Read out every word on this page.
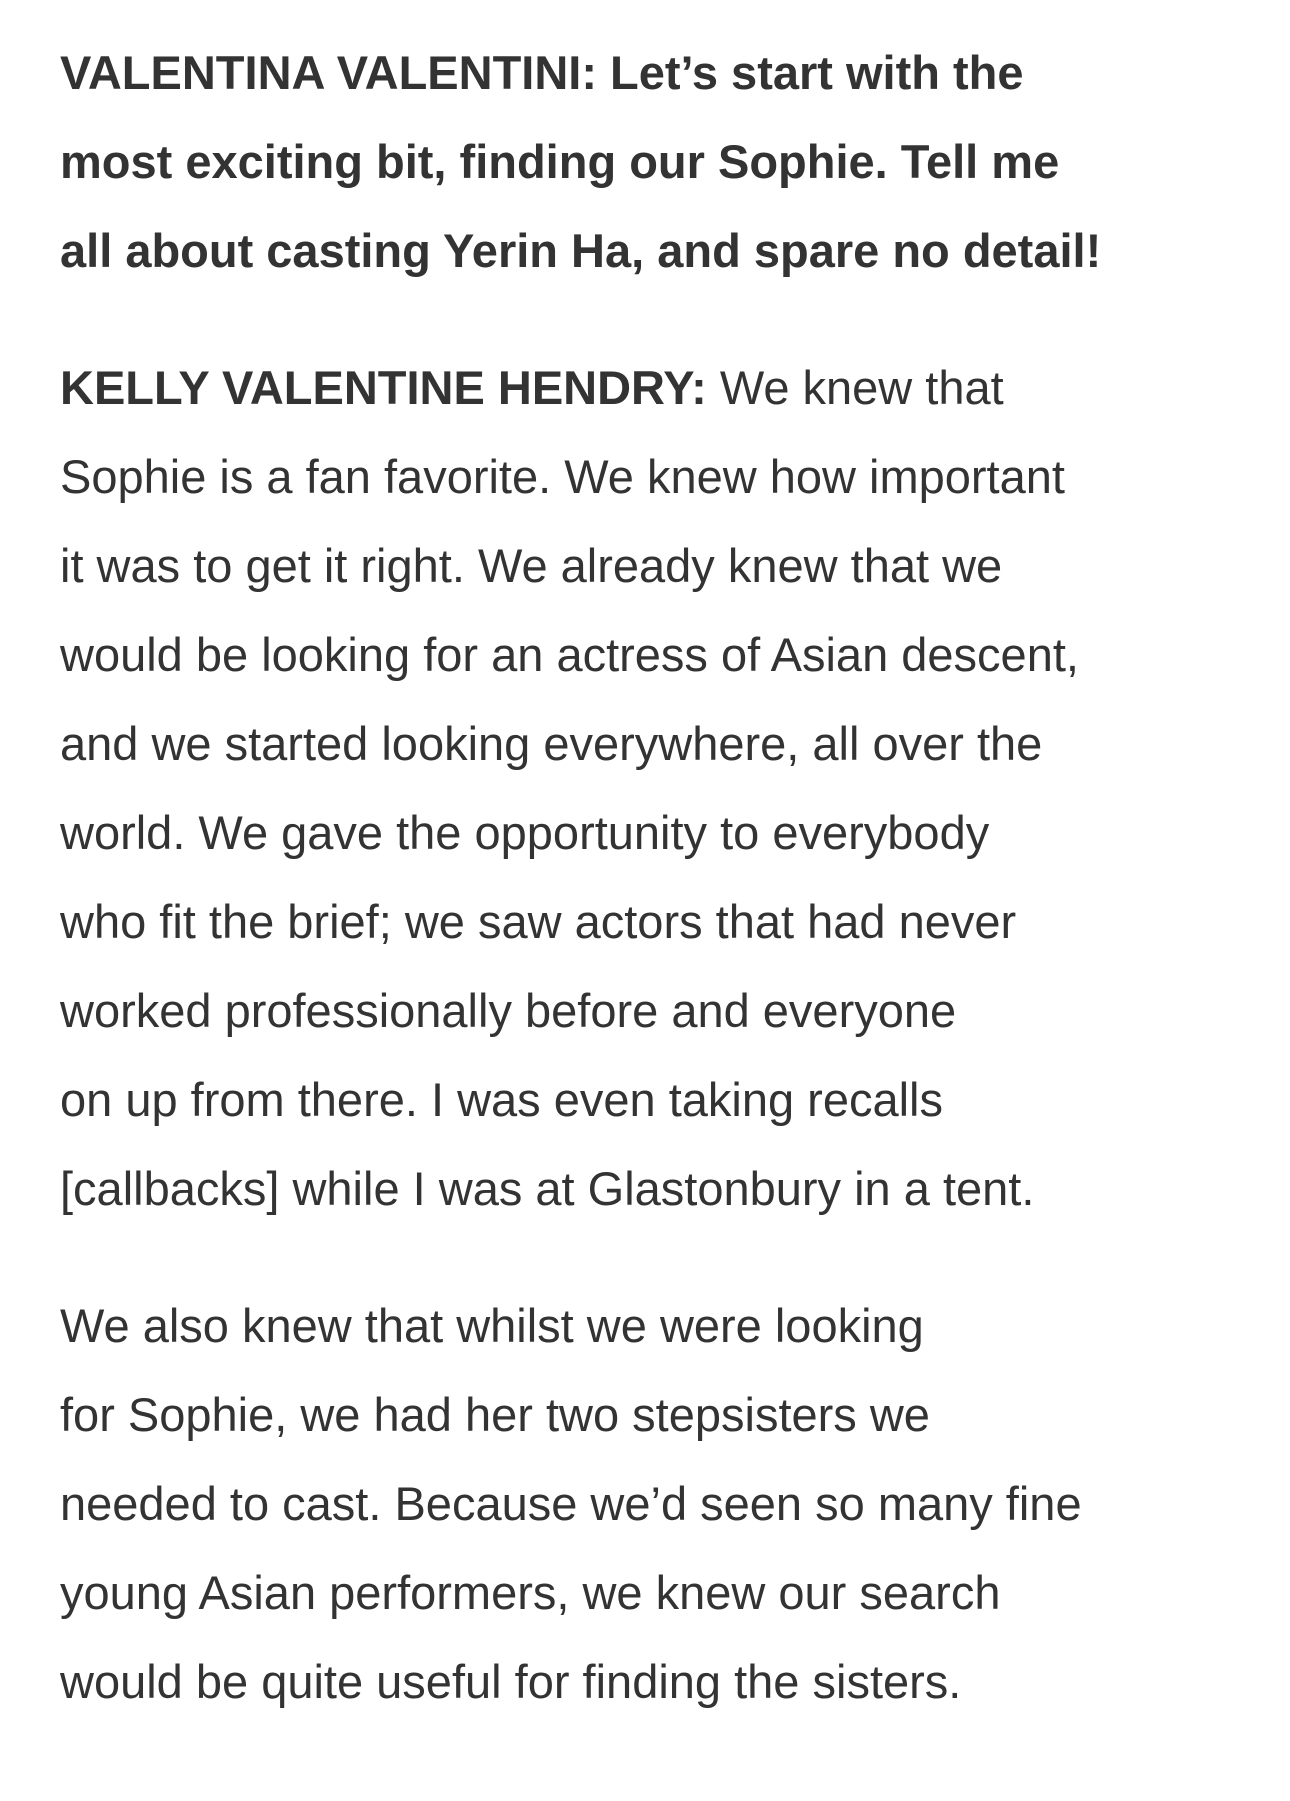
VALENTINA VALENTINI: Let’s start with the
most exciting bit, finding our Sophie. Tell me
all about casting Yerin Ha, and spare no detail!
KELLY VALENTINE HENDRY: We knew that
Sophie is a fan favorite. We knew how important
it was to get it right. We already knew that we
would be looking for an actress of Asian descent,
and we started looking everywhere, all over the
world. We gave the opportunity to everybody
who fit the brief; we saw actors that had never
worked professionally before and everyone
on up from there. I was even taking recalls
[callbacks] while I was at Glastonbury in a tent.
We also knew that whilst we were looking
for Sophie, we had her two stepsisters we
needed to cast. Because we’d seen so many fine
young Asian performers, we knew our search
would be quite useful for finding the sisters.
